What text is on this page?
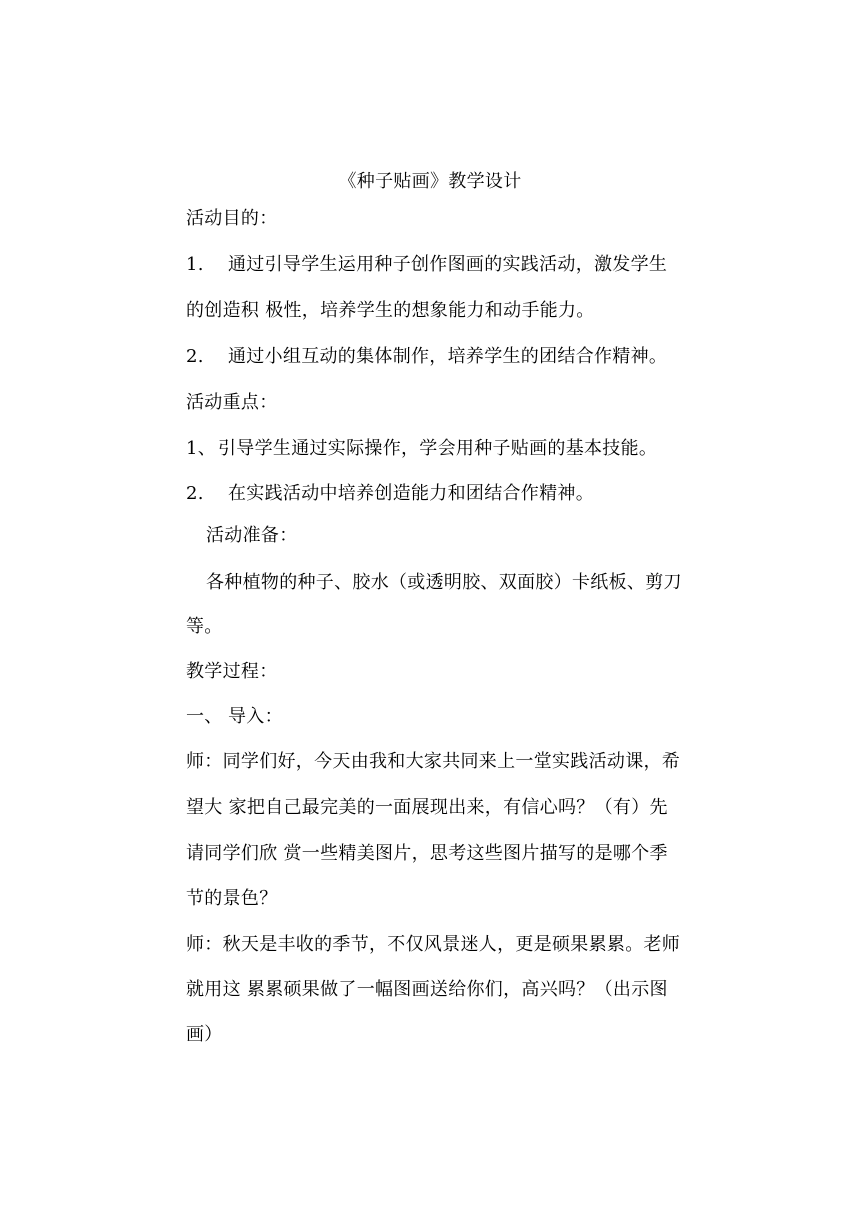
《种子贴画》教学设计
活动目的：
1. 通过引导学生运用种子创作图画的实践活动，激发学生
的创造积 极性，培养学生的想象能力和动手能力。
2. 通过小组互动的集体制作，培养学生的团结合作精神。
活动重点：
1、 引导学生通过实际操作，学会用种子贴画的基本技能。
2. 在实践活动中培养创造能力和团结合作精神。
活动准备：
各种植物的种子、胶水（或透明胶、双面胶）卡纸板、剪刀
等。
教学过程：
一、 导入：
师：同学们好，今天由我和大家共同来上一堂实践活动课，希
望大 家把自己最完美的一面展现出来，有信心吗？（有）先
请同学们欣 赏一些精美图片，思考这些图片描写的是哪个季
节的景色？
师：秋天是丰收的季节，不仅风景迷人，更是硕果累累。老师
就用这 累累硕果做了一幅图画送给你们，高兴吗？（出示图
画）
